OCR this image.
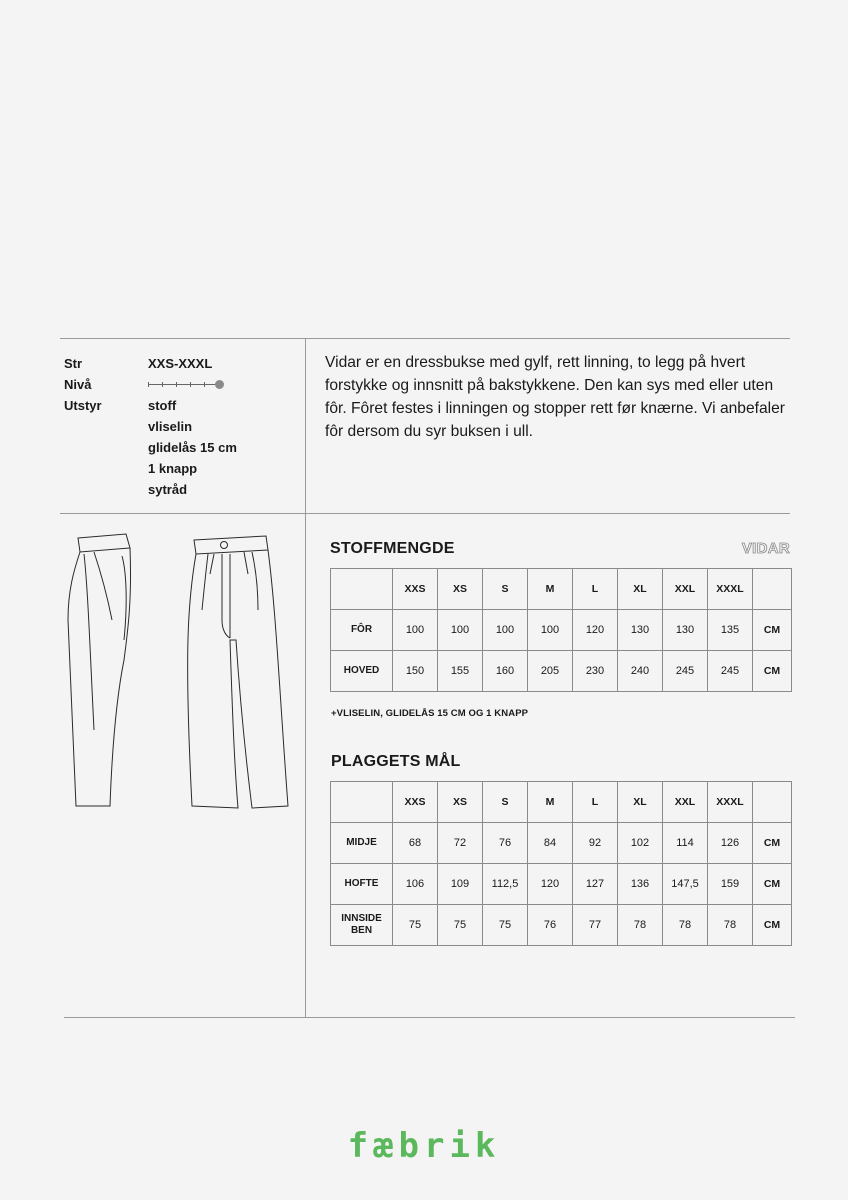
Str	XXS-XXXL
Nivå
Utstyr	stoff
vliselin
glidelås 15 cm
1 knapp
sytråd
Vidar er en dressbukse med gylf, rett linning, to legg på hvert forstykke og innsnitt på bakstykkene. Den kan sys med eller uten fôr. Fôret festes i linningen og stopper rett før knærne. Vi anbefaler fôr dersom du syr buksen i ull.
STOFFMENGDE	VIDAR
	XXS	XS	S	M	L	XL	XXL	XXXL	
FÔR	100	100	100	100	120	130	130	135	CM
HOVED	150	155	160	205	230	240	245	245	CM
+VLISELIN, GLIDELÅS 15 CM OG 1 KNAPP
PLAGGETS MÅL
	XXS	XS	S	M	L	XL	XXL	XXXL	
MIDJE	68	72	76	84	92	102	114	126	CM
HOFTE	106	109	112,5	120	127	136	147,5	159	CM
INNSIDE BEN	75	75	75	76	77	78	78	78	CM
fæbrik
